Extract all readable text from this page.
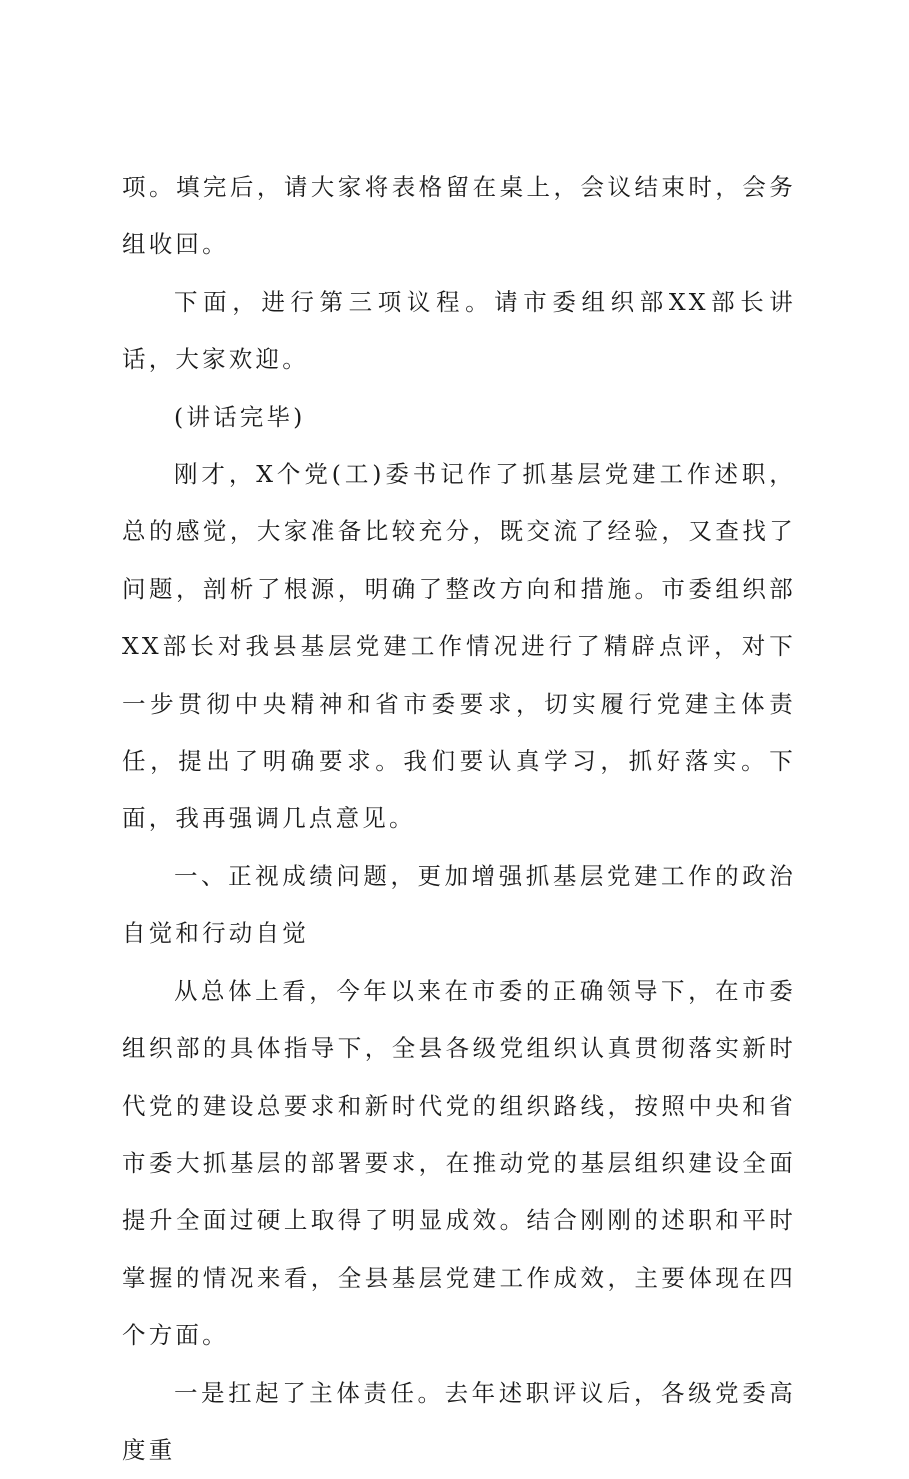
项。填完后，请大家将表格留在桌上，会议结束时，会务组收回。

下面，进行第三项议程。请市委组织部XX部长讲话，大家欢迎。

(讲话完毕)

刚才，X个党(工)委书记作了抓基层党建工作述职，总的感觉，大家准备比较充分，既交流了经验，又查找了问题，剖析了根源，明确了整改方向和措施。市委组织部XX部长对我县基层党建工作情况进行了精辟点评，对下一步贯彻中央精神和省市委要求，切实履行党建主体责任，提出了明确要求。我们要认真学习，抓好落实。下面，我再强调几点意见。

一、正视成绩问题，更加增强抓基层党建工作的政治自觉和行动自觉

从总体上看，今年以来在市委的正确领导下，在市委组织部的具体指导下，全县各级党组织认真贯彻落实新时代党的建设总要求和新时代党的组织路线，按照中央和省市委大抓基层的部署要求，在推动党的基层组织建设全面提升全面过硬上取得了明显成效。结合刚刚的述职和平时掌握的情况来看，全县基层党建工作成效，主要体现在四个方面。

一是扛起了主体责任。去年述职评议后，各级党委高度重
